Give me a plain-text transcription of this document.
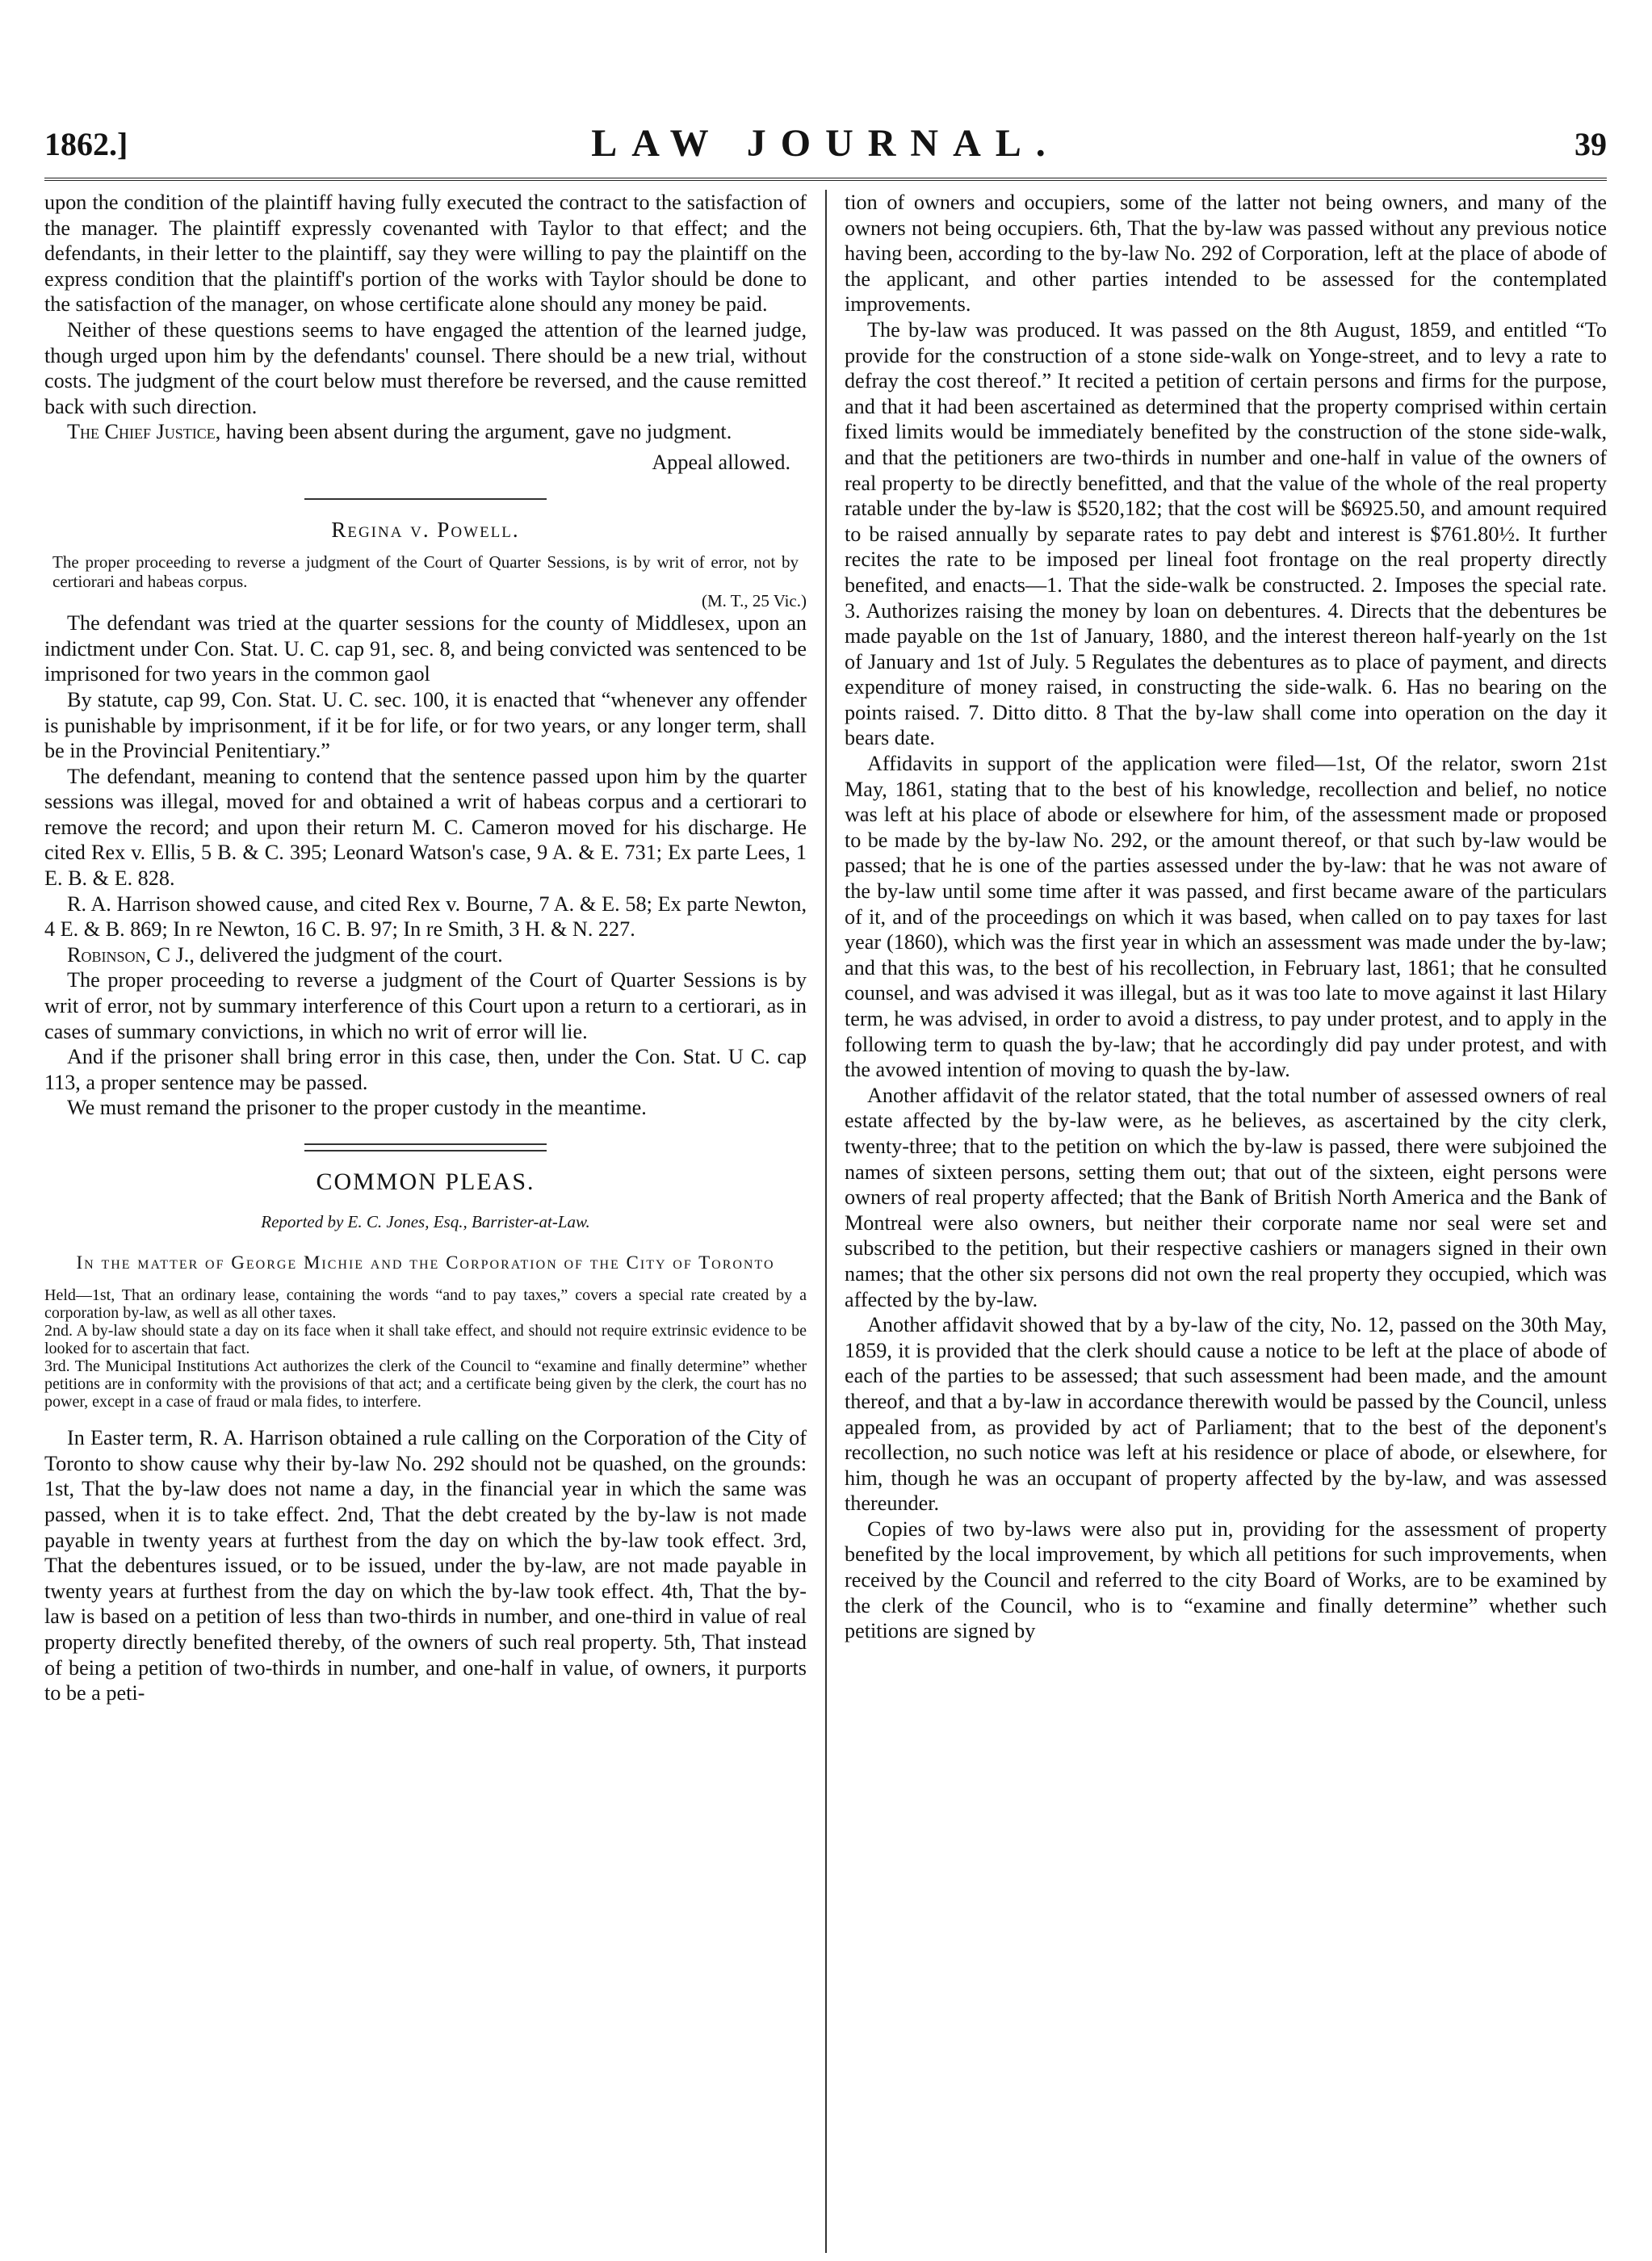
1862.]	LAW JOURNAL.	39

upon the condition of the plaintiff having fully executed the contract to the satisfaction of the manager. The plaintiff expressly covenanted with Taylor to that effect; and the defendants, in their letter to the plaintiff, say they were willing to pay the plaintiff on the express condition that the plaintiff's portion of the works with Taylor should be done to the satisfaction of the manager, on whose certificate alone should any money be paid.

Neither of these questions seems to have engaged the attention of the learned judge, though urged upon him by the defendants' counsel. There should be a new trial, without costs. The judgment of the court below must therefore be reversed, and the cause remitted back with such direction.

The Chief Justice, having been absent during the argument, gave no judgment.

Appeal allowed.

Regina v. Powell.

The proper proceeding to reverse a judgment of the Court of Quarter Sessions, is by writ of error, not by certiorari and habeas corpus.

(M. T., 25 Vic.)

The defendant was tried at the quarter sessions for the county of Middlesex, upon an indictment under Con. Stat. U. C. cap 91, sec. 8, and being convicted was sentenced to be imprisoned for two years in the common gaol

By statute, cap 99, Con. Stat. U. C. sec. 100, it is enacted that “whenever any offender is punishable by imprisonment, if it be for life, or for two years, or any longer term, shall be in the Provincial Penitentiary.”

The defendant, meaning to contend that the sentence passed upon him by the quarter sessions was illegal, moved for and obtained a writ of habeas corpus and a certiorari to remove the record; and upon their return M. C. Cameron moved for his discharge. He cited Rex v. Ellis, 5 B. & C. 395; Leonard Watson's case, 9 A. & E. 731; Ex parte Lees, 1 E. B. & E. 828.

R. A. Harrison showed cause, and cited Rex v. Bourne, 7 A. & E. 58; Ex parte Newton, 4 E. & B. 869; In re Newton, 16 C. B. 97; In re Smith, 3 H. & N. 227.

Robinson, C J., delivered the judgment of the court.

The proper proceeding to reverse a judgment of the Court of Quarter Sessions is by writ of error, not by summary interference of this Court upon a return to a certiorari, as in cases of summary convictions, in which no writ of error will lie.

And if the prisoner shall bring error in this case, then, under the Con. Stat. U C. cap 113, a proper sentence may be passed.

We must remand the prisoner to the proper custody in the meantime.

COMMON PLEAS.
Reported by E. C. Jones, Esq., Barrister-at-Law.
In the matter of George Michie and the Corporation of the City of Toronto

Held—1st, That an ordinary lease, containing the words “and to pay taxes,” covers a special rate created by a corporation by-law, as well as all other taxes.

2nd. A by-law should state a day on its face when it shall take effect, and should not require extrinsic evidence to be looked for to ascertain that fact.

3rd. The Municipal Institutions Act authorizes the clerk of the Council to “examine and finally determine” whether petitions are in conformity with the provisions of that act; and a certificate being given by the clerk, the court has no power, except in a case of fraud or mala fides, to interfere.

In Easter term, R. A. Harrison obtained a rule calling on the Corporation of the City of Toronto to show cause why their by-law No. 292 should not be quashed, on the grounds: 1st, That the by-law does not name a day, in the financial year in which the same was passed, when it is to take effect. 2nd, That the debt created by the by-law is not made payable in twenty years at furthest from the day on which the by-law took effect. 3rd, That the debentures issued, or to be issued, under the by-law, are not made payable in twenty years at furthest from the day on which the by-law took effect. 4th, That the by-law is based on a petition of less than two-thirds in number, and one-third in value of real property directly benefited thereby, of the owners of such real property. 5th, That instead of being a petition of two-thirds in number, and one-half in value, of owners, it purports to be a peti-

tion of owners and occupiers, some of the latter not being owners, and many of the owners not being occupiers. 6th, That the by-law was passed without any previous notice having been, according to the by-law No. 292 of Corporation, left at the place of abode of the applicant, and other parties intended to be assessed for the contemplated improvements.

The by-law was produced. It was passed on the 8th August, 1859, and entitled “To provide for the construction of a stone side-walk on Yonge-street, and to levy a rate to defray the cost thereof.” It recited a petition of certain persons and firms for the purpose, and that it had been ascertained as determined that the property comprised within certain fixed limits would be immediately benefited by the construction of the stone side-walk, and that the petitioners are two-thirds in number and one-half in value of the owners of real property to be directly benefitted, and that the value of the whole of the real property ratable under the by-law is $520,182; that the cost will be $6925.50, and amount required to be raised annually by separate rates to pay debt and interest is $761.80½. It further recites the rate to be imposed per lineal foot frontage on the real property directly benefited, and enacts—1. That the side-walk be constructed. 2. Imposes the special rate. 3. Authorizes raising the money by loan on debentures. 4. Directs that the debentures be made payable on the 1st of January, 1880, and the interest thereon half-yearly on the 1st of January and 1st of July. 5 Regulates the debentures as to place of payment, and directs expenditure of money raised, in constructing the side-walk. 6. Has no bearing on the points raised. 7. Ditto ditto. 8 That the by-law shall come into operation on the day it bears date.

Affidavits in support of the application were filed—1st, Of the relator, sworn 21st May, 1861, stating that to the best of his knowledge, recollection and belief, no notice was left at his place of abode or elsewhere for him, of the assessment made or proposed to be made by the by-law No. 292, or the amount thereof, or that such by-law would be passed; that he is one of the parties assessed under the by-law: that he was not aware of the by-law until some time after it was passed, and first became aware of the particulars of it, and of the proceedings on which it was based, when called on to pay taxes for last year (1860), which was the first year in which an assessment was made under the by-law; and that this was, to the best of his recollection, in February last, 1861; that he consulted counsel, and was advised it was illegal, but as it was too late to move against it last Hilary term, he was advised, in order to avoid a distress, to pay under protest, and to apply in the following term to quash the by-law; that he accordingly did pay under protest, and with the avowed intention of moving to quash the by-law.

Another affidavit of the relator stated, that the total number of assessed owners of real estate affected by the by-law were, as he believes, as ascertained by the city clerk, twenty-three; that to the petition on which the by-law is passed, there were subjoined the names of sixteen persons, setting them out; that out of the sixteen, eight persons were owners of real property affected; that the Bank of British North America and the Bank of Montreal were also owners, but neither their corporate name nor seal were set and subscribed to the petition, but their respective cashiers or managers signed in their own names; that the other six persons did not own the real property they occupied, which was affected by the by-law.

Another affidavit showed that by a by-law of the city, No. 12, passed on the 30th May, 1859, it is provided that the clerk should cause a notice to be left at the place of abode of each of the parties to be assessed; that such assessment had been made, and the amount thereof, and that a by-law in accordance therewith would be passed by the Council, unless appealed from, as provided by act of Parliament; that to the best of the deponent's recollection, no such notice was left at his residence or place of abode, or elsewhere, for him, though he was an occupant of property affected by the by-law, and was assessed thereunder.

Copies of two by-laws were also put in, providing for the assessment of property benefited by the local improvement, by which all petitions for such improvements, when received by the Council and referred to the city Board of Works, are to be examined by the clerk of the Council, who is to “examine and finally determine” whether such petitions are signed by
